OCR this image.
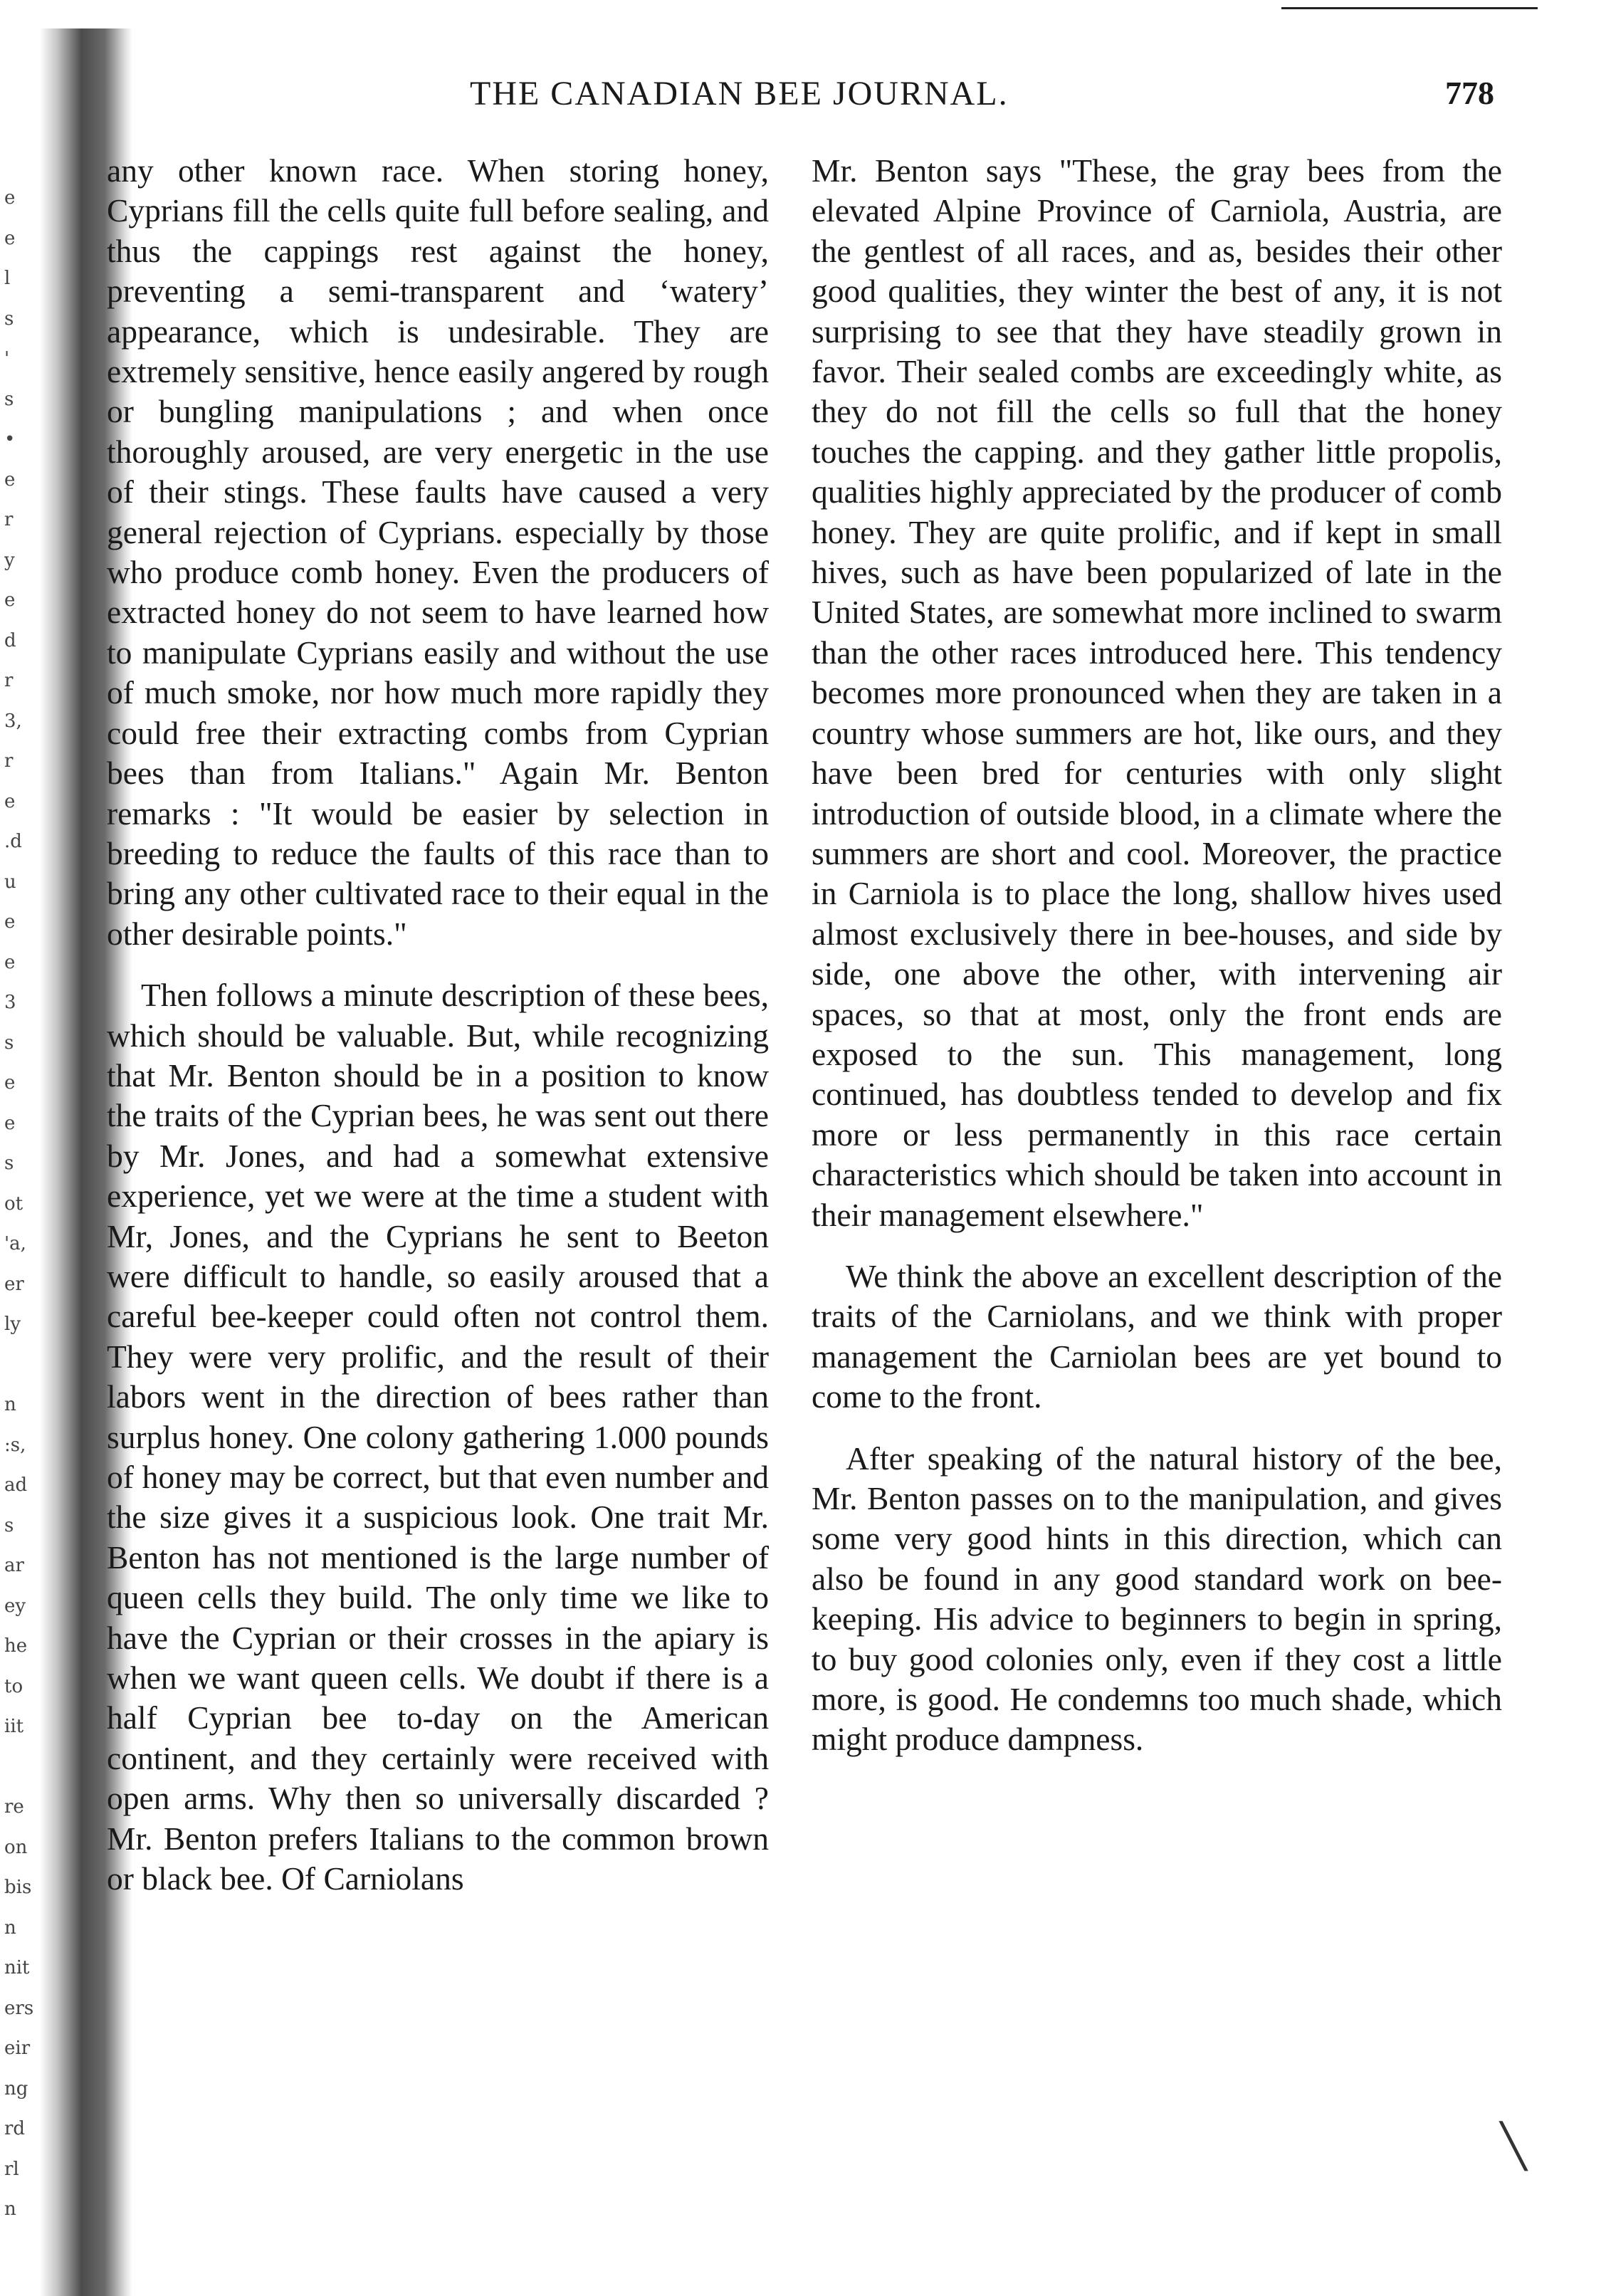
e
e
l
s
'
s
•
e
r
y
e
d
r
3,
r
e
.d
u
e
e
3
s
e
e
s
ot
'a,
er
ly
n
:s,
ad
s
ar
ey
he
to
iit
re
on
bis
n
nit
ers
eir
ng
rd
rl
n
THE CANADIAN BEE JOURNAL.	778

any other known race. When storing honey, Cyprians fill the cells quite full before sealing, and thus the cappings rest against the honey, preventing a semi-transparent and ‘watery’ appearance, which is undesirable. They are extremely sensitive, hence easily angered by rough or bungling manipulations ; and when once thoroughly aroused, are very energetic in the use of their stings. These faults have caused a very general rejection of Cyprians. especially by those who produce comb honey. Even the producers of extracted honey do not seem to have learned how to manipulate Cyprians easily and without the use of much smoke, nor how much more rapidly they could free their extracting combs from Cyprian bees than from Italians." Again Mr. Benton remarks : "It would be easier by selection in breeding to reduce the faults of this race than to bring any other cultivated race to their equal in the other desirable points."

Then follows a minute description of these bees, which should be valuable. But, while recognizing that Mr. Benton should be in a position to know the traits of the Cyprian bees, he was sent out there by Mr. Jones, and had a somewhat extensive experience, yet we were at the time a student with Mr, Jones, and the Cyprians he sent to Beeton were difficult to handle, so easily aroused that a careful bee-keeper could often not control them. They were very prolific, and the result of their labors went in the direction of bees rather than surplus honey. One colony gathering 1.000 pounds of honey may be correct, but that even number and the size gives it a suspicious look. One trait Mr. Benton has not mentioned is the large number of queen cells they build. The only time we like to have the Cyprian or their crosses in the apiary is when we want queen cells. We doubt if there is a half Cyprian bee to-day on the American continent, and they certainly were received with open arms. Why then so universally discarded ? Mr. Benton prefers Italians to the common brown or black bee. Of Carniolans

Mr. Benton says "These, the gray bees from the elevated Alpine Province of Carniola, Austria, are the gentlest of all races, and as, besides their other good qualities, they winter the best of any, it is not surprising to see that they have steadily grown in favor. Their sealed combs are exceedingly white, as they do not fill the cells so full that the honey touches the capping. and they gather little propolis, qualities highly appreciated by the producer of comb honey. They are quite prolific, and if kept in small hives, such as have been popularized of late in the United States, are somewhat more inclined to swarm than the other races introduced here. This tendency becomes more pronounced when they are taken in a country whose summers are hot, like ours, and they have been bred for centuries with only slight introduction of outside blood, in a climate where the summers are short and cool. Moreover, the practice in Carniola is to place the long, shallow hives used almost exclusively there in bee-houses, and side by side, one above the other, with intervening air spaces, so that at most, only the front ends are exposed to the sun. This management, long continued, has doubtless tended to develop and fix more or less permanently in this race certain characteristics which should be taken into account in their management elsewhere."

We think the above an excellent description of the traits of the Carniolans, and we think with proper management the Carniolan bees are yet bound to come to the front.

After speaking of the natural history of the bee, Mr. Benton passes on to the manipulation, and gives some very good hints in this direction, which can also be found in any good standard work on bee-keeping. His advice to beginners to begin in spring, to buy good colonies only, even if they cost a little more, is good. He condemns too much shade, which might produce dampness.

╲
